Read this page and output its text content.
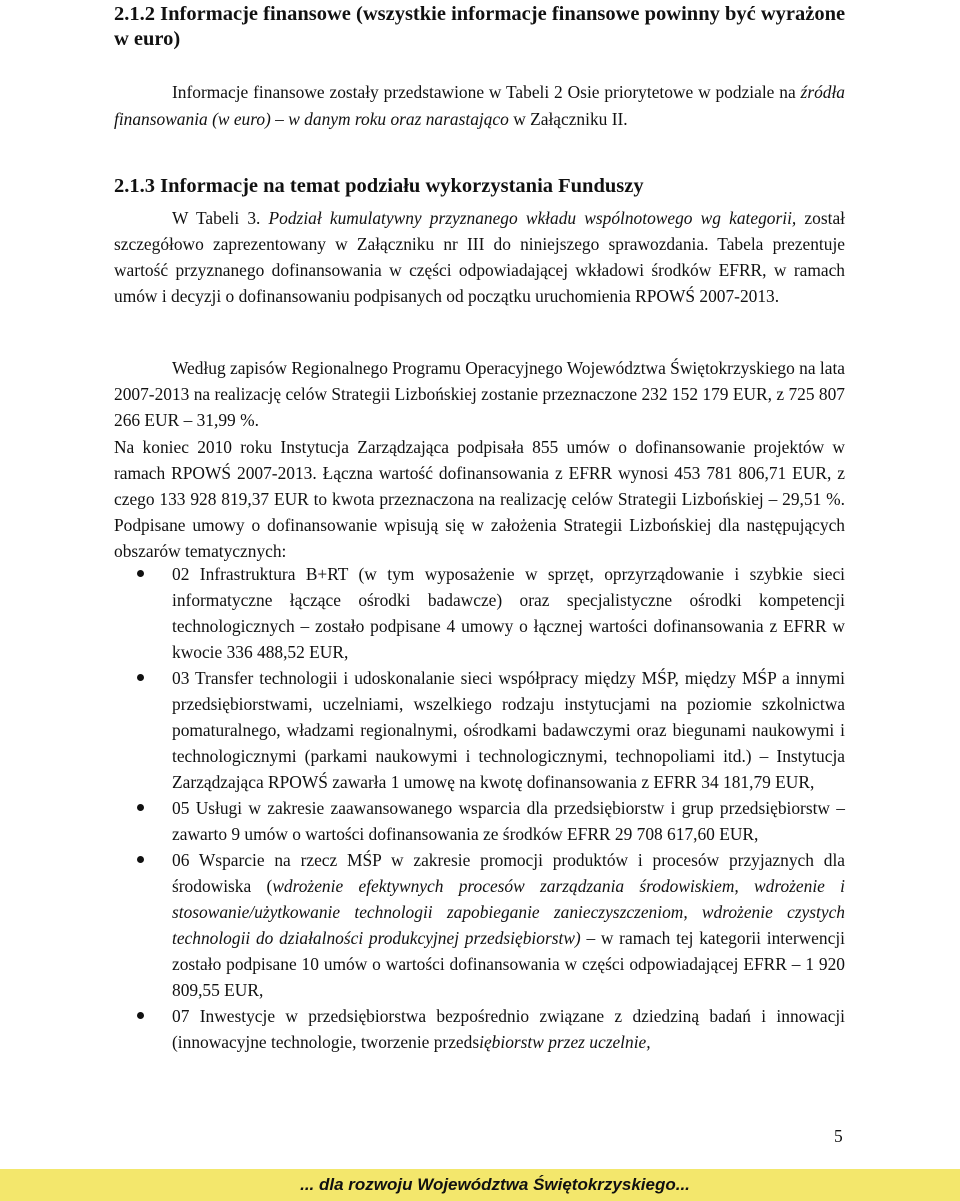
2.1.2 Informacje finansowe (wszystkie informacje finansowe powinny być wyrażone w euro)

Informacje finansowe zostały przedstawione w Tabeli 2 Osie priorytetowe w podziale na źródła finansowania (w euro) – w danym roku oraz narastająco w Załączniku II.

2.1.3 Informacje na temat podziału wykorzystania Funduszy

W Tabeli 3. Podział kumulatywny przyznanego wkładu wspólnotowego wg kategorii, został szczegółowo zaprezentowany w Załączniku nr III do niniejszego sprawozdania. Tabela prezentuje wartość przyznanego dofinansowania w części odpowiadającej wkładowi środków EFRR, w ramach umów i decyzji o dofinansowaniu podpisanych od początku uruchomienia RPOWŚ 2007-2013.

Według zapisów Regionalnego Programu Operacyjnego Województwa Świętokrzyskiego na lata 2007-2013 na realizację celów Strategii Lizbońskiej zostanie przeznaczone 232 152 179 EUR, z 725 807 266 EUR – 31,99 %.

Na koniec 2010 roku Instytucja Zarządzająca podpisała 855 umów o dofinansowanie projektów w ramach RPOWŚ 2007-2013. Łączna wartość dofinansowania z EFRR wynosi 453 781 806,71 EUR, z czego 133 928 819,37 EUR to kwota przeznaczona na realizację celów Strategii Lizbońskiej – 29,51 %. Podpisane umowy o dofinansowanie wpisują się w założenia Strategii Lizbońskiej dla następujących obszarów tematycznych:

02 Infrastruktura B+RT (w tym wyposażenie w sprzęt, oprzyrządowanie i szybkie sieci informatyczne łączące ośrodki badawcze) oraz specjalistyczne ośrodki kompetencji technologicznych – zostało podpisane 4 umowy o łącznej wartości dofinansowania z EFRR w kwocie 336 488,52 EUR,
03 Transfer technologii i udoskonalanie sieci współpracy między MŚP, między MŚP a innymi przedsiębiorstwami, uczelniami, wszelkiego rodzaju instytucjami na poziomie szkolnictwa pomaturalnego, władzami regionalnymi, ośrodkami badawczymi oraz biegunami naukowymi i technologicznymi (parkami naukowymi i technologicznymi, technopoliami itd.) – Instytucja Zarządzająca RPOWŚ zawarła 1 umowę na kwotę dofinansowania z EFRR 34 181,79 EUR,
05 Usługi w zakresie zaawansowanego wsparcia dla przedsiębiorstw i grup przedsiębiorstw – zawarto 9 umów o wartości dofinansowania ze środków EFRR 29 708 617,60 EUR,
06 Wsparcie na rzecz MŚP w zakresie promocji produktów i procesów przyjaznych dla środowiska (wdrożenie efektywnych procesów zarządzania środowiskiem, wdrożenie i stosowanie/użytkowanie technologii zapobieganie zanieczyszczeniom, wdrożenie czystych technologii do działalności produkcyjnej przedsiębiorstw) – w ramach tej kategorii interwencji zostało podpisane 10 umów o wartości dofinansowania w części odpowiadającej EFRR – 1 920 809,55 EUR,
07 Inwestycje w przedsiębiorstwa bezpośrednio związane z dziedziną badań i innowacji (innowacyjne technologie, tworzenie przedsiębiorstw przez uczelnie,
5
... dla rozwoju Województwa Świętokrzyskiego...
